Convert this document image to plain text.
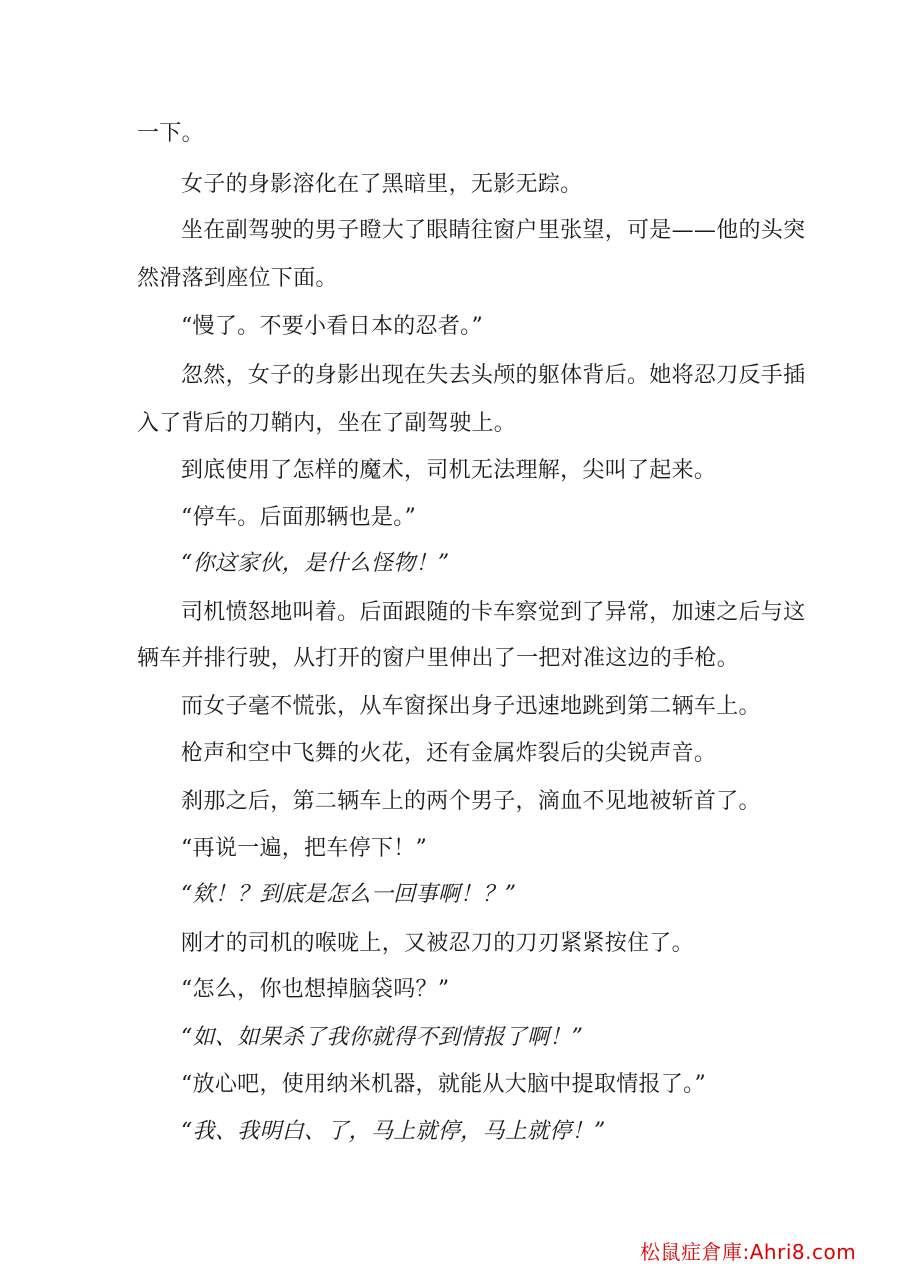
一下。
女子的身影溶化在了黑暗里，无影无踪。
坐在副驾驶的男子瞪大了眼睛往窗户里张望，可是——他的头突
然滑落到座位下面。
“慢了。不要小看日本的忍者。”
忽然，女子的身影出现在失去头颅的躯体背后。她将忍刀反手插
入了背后的刀鞘内，坐在了副驾驶上。
到底使用了怎样的魔术，司机无法理解，尖叫了起来。
“停车。后面那辆也是。”
“你这家伙，是什么怪物！”
司机愤怒地叫着。后面跟随的卡车察觉到了异常，加速之后与这
辆车并排行驶，从打开的窗户里伸出了一把对准这边的手枪。
而女子毫不慌张，从车窗探出身子迅速地跳到第二辆车上。
枪声和空中飞舞的火花，还有金属炸裂后的尖锐声音。
刹那之后，第二辆车上的两个男子，滴血不见地被斩首了。
“再说一遍，把车停下！”
“欸！？到底是怎么一回事啊！？”
刚才的司机的喉咙上，又被忍刀的刀刃紧紧按住了。
“怎么，你也想掉脑袋吗？”
“如、如果杀了我你就得不到情报了啊！”
“放心吧，使用纳米机器，就能从大脑中提取情报了。”
“我、我明白、了，马上就停，马上就停！”
松鼠症倉庫:Ahri8.com
